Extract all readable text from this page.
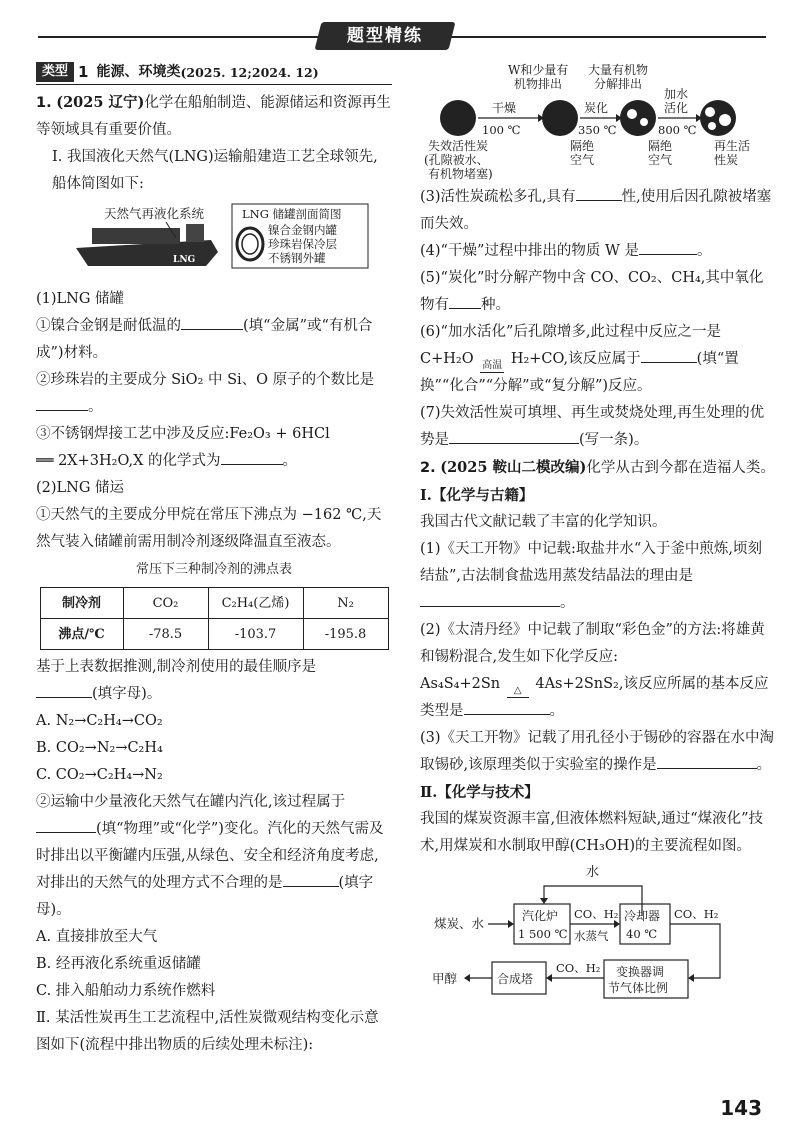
题型精练
类型 1 能源、环境类 (2025. 12;2024. 12)

1. (2025 辽宁)化学在船舶制造、能源储运和资源再生等领域具有重要价值。

Ⅰ. 我国液化天然气(LNG)运输船建造工艺全球领先,船体简图如下:

天然气再液化系统
LNG
LNG 储罐剖面简图
镍合金钢内罐
珍珠岩保冷层
不锈钢外罐

(1)LNG 储罐

①镍合金钢是耐低温的	(填“金属”或“有机合成”)材料。

②珍珠岩的主要成分 SiO₂ 中 Si、O 原子的个数比是。

③不锈钢焊接工艺中涉及反应:Fe₂O₃ + 6HCl
══ 2X+3H₂O,X 的化学式为	。

(2)LNG 储运

①天然气的主要成分甲烷在常压下沸点为 −162 ℃,天然气装入储罐前需用制冷剂逐级降温直至液态。

常压下三种制冷剂的沸点表
制冷剂	CO₂	C₂H₄(乙烯)	N₂
沸点/℃	-78.5	-103.7	-195.8

基于上表数据推测,制冷剂使用的最佳顺序是
(填字母)。

A. N₂→C₂H₄→CO₂

B. CO₂→N₂→C₂H₄

C. CO₂→C₂H₄→N₂

②运输中少量液化天然气在罐内汽化,该过程属于(填“物理”或“化学”)变化。汽化的天然气需及时排出以平衡罐内压强,从绿色、安全和经济角度考虑,对排出的天然气的处理方式不合理的是	(填字母)。

A. 直接排放至大气

B. 经再液化系统重返储罐

C. 排入船舶动力系统作燃料

Ⅱ. 某活性炭再生工艺流程中,活性炭微观结构变化示意图如下(流程中排出物质的后续处理未标注):

W和少量有
机物排出
大量有机物
分解排出
干燥
100 ℃
炭化
350 ℃
加水
活化
800 ℃
失效活性炭
(孔隙被水、
有机物堵塞)
隔绝
空气
隔绝
空气
再生活
性炭

(3)活性炭疏松多孔,具有	性,使用后因孔隙被堵塞而失效。

(4)“干燥”过程中排出的物质 W 是	。

(5)“炭化”时分解产物中含 CO、CO₂、CH₄,其中氧化物有 种。

(6)“加水活化”后孔隙增多,此过程中反应之一是 C+H₂O 高温 H₂+CO,该反应属于	(填“置换”“化合”“分解”或“复分解”)反应。

(7)失效活性炭可填埋、再生或焚烧处理,再生处理的优势是	(写一条)。

2. (2025 鞍山二模改编)化学从古到今都在造福人类。

Ⅰ.【化学与古籍】

我国古代文献记载了丰富的化学知识。

(1)《天工开物》中记载:取盐井水“入于釜中煎炼,顷刻结盐”,古法制食盐选用蒸发结晶法的理由是。

(2)《太清丹经》中记载了制取“彩色金”的方法:将雄黄和锡粉混合,发生如下化学反应:
As₄S₄+2Sn △ 4As+2SnS₂,该反应所属的基本反应类型是	。

(3)《天工开物》记载了用孔径小于锡砂的容器在水中淘取锡砂,该原理类似于实验室的操作是	。

Ⅱ.【化学与技术】

我国的煤炭资源丰富,但液体燃料短缺,通过“煤液化”技术,用煤炭和水制取甲醇(CH₃OH)的主要流程如图。

水
煤炭、水	汽化炉
1 500 ℃
CO、H₂
水蒸气
冷却器
40 ℃
CO、H₂
变换器调
节气体比例
CO、H₂
合成塔
甲醇
143
